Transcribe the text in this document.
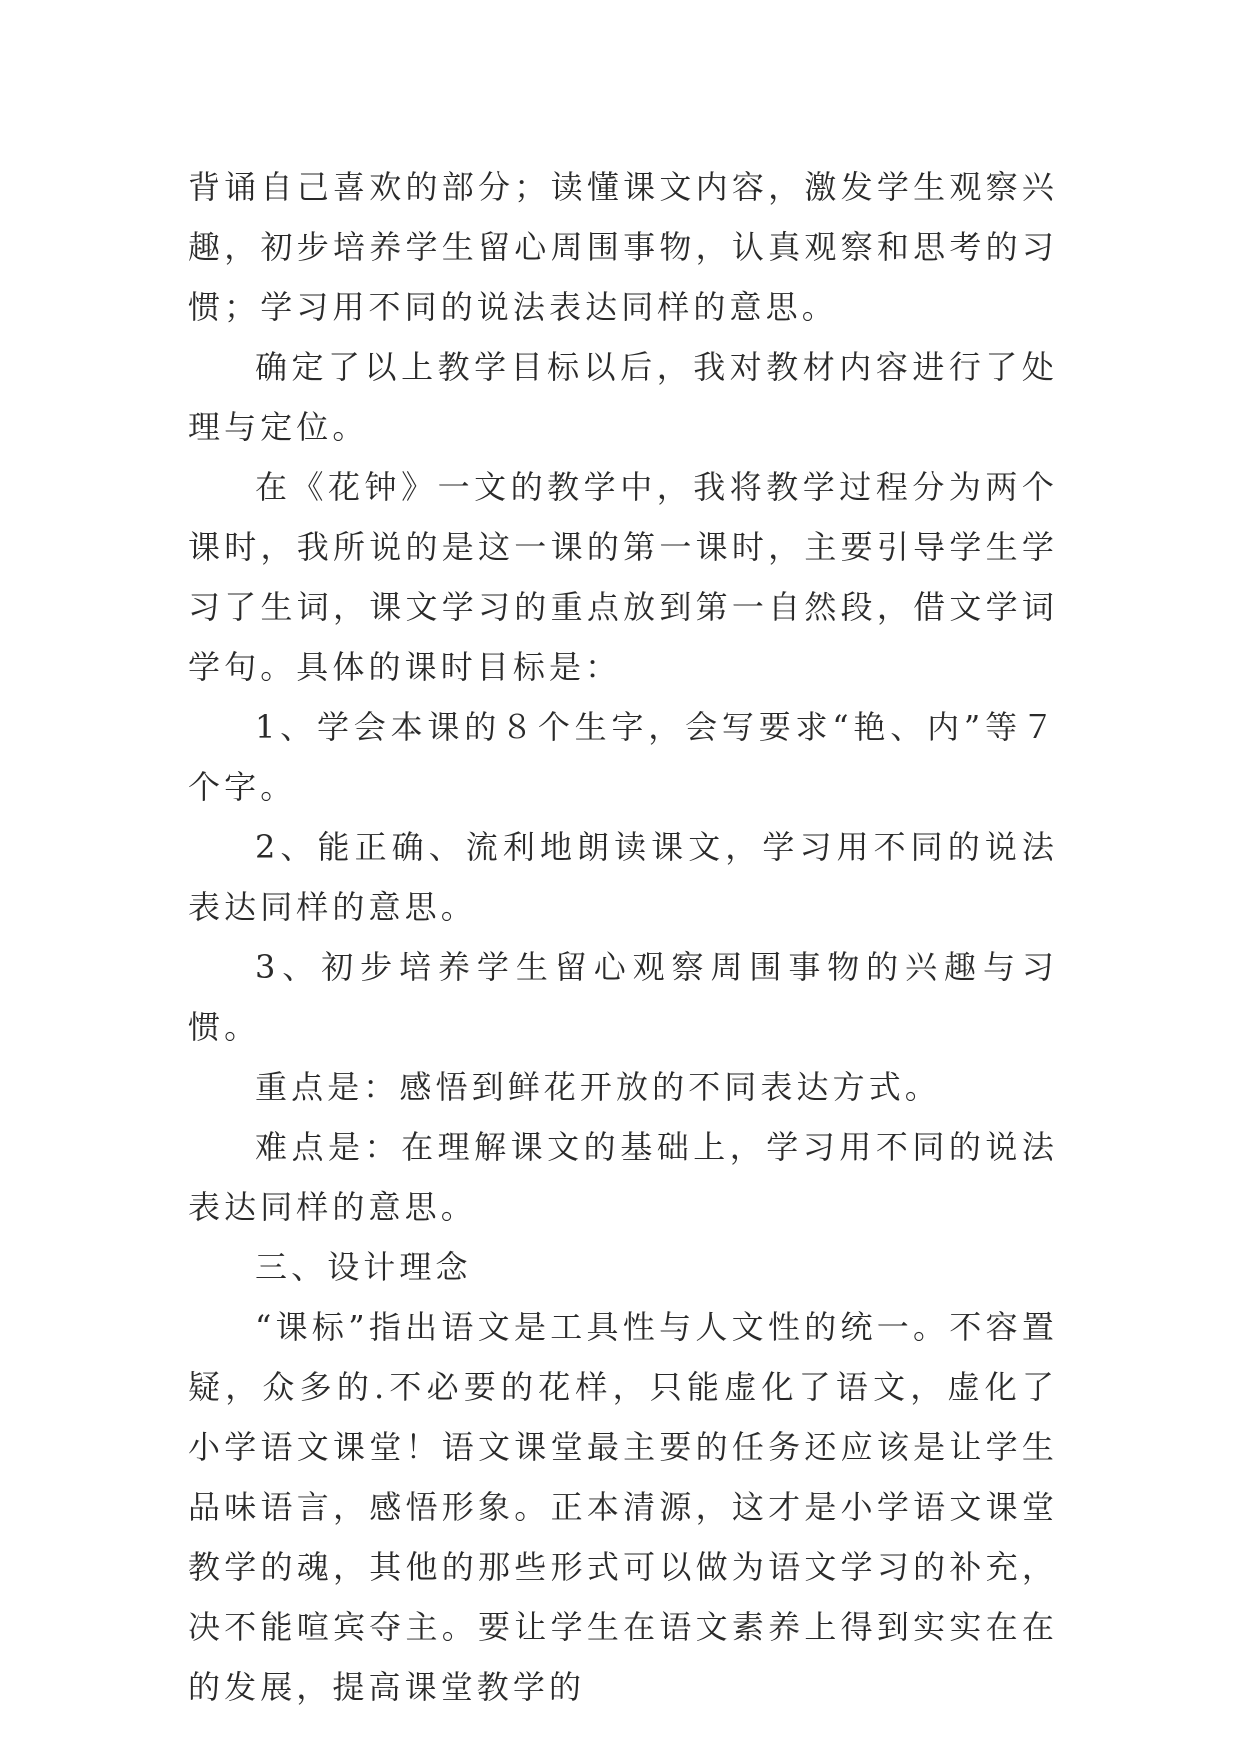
背诵自己喜欢的部分；读懂课文内容，激发学生观察兴趣，初步培养学生留心周围事物，认真观察和思考的习惯；学习用不同的说法表达同样的意思。

确定了以上教学目标以后，我对教材内容进行了处理与定位。

在《花钟》一文的教学中，我将教学过程分为两个课时，我所说的是这一课的第一课时，主要引导学生学习了生词，课文学习的重点放到第一自然段，借文学词学句。具体的课时目标是：

1、学会本课的８个生字，会写要求“艳、内”等７个字。

2、能正确、流利地朗读课文，学习用不同的说法表达同样的意思。

3、初步培养学生留心观察周围事物的兴趣与习惯。

重点是：感悟到鲜花开放的不同表达方式。

难点是：在理解课文的基础上，学习用不同的说法表达同样的意思。

三、设计理念

“课标”指出语文是工具性与人文性的统一。不容置疑，众多的.不必要的花样，只能虚化了语文，虚化了小学语文课堂！语文课堂最主要的任务还应该是让学生品味语言，感悟形象。正本清源，这才是小学语文课堂教学的魂，其他的那些形式可以做为语文学习的补充，决不能喧宾夺主。要让学生在语文素养上得到实实在在的发展，提高课堂教学的
